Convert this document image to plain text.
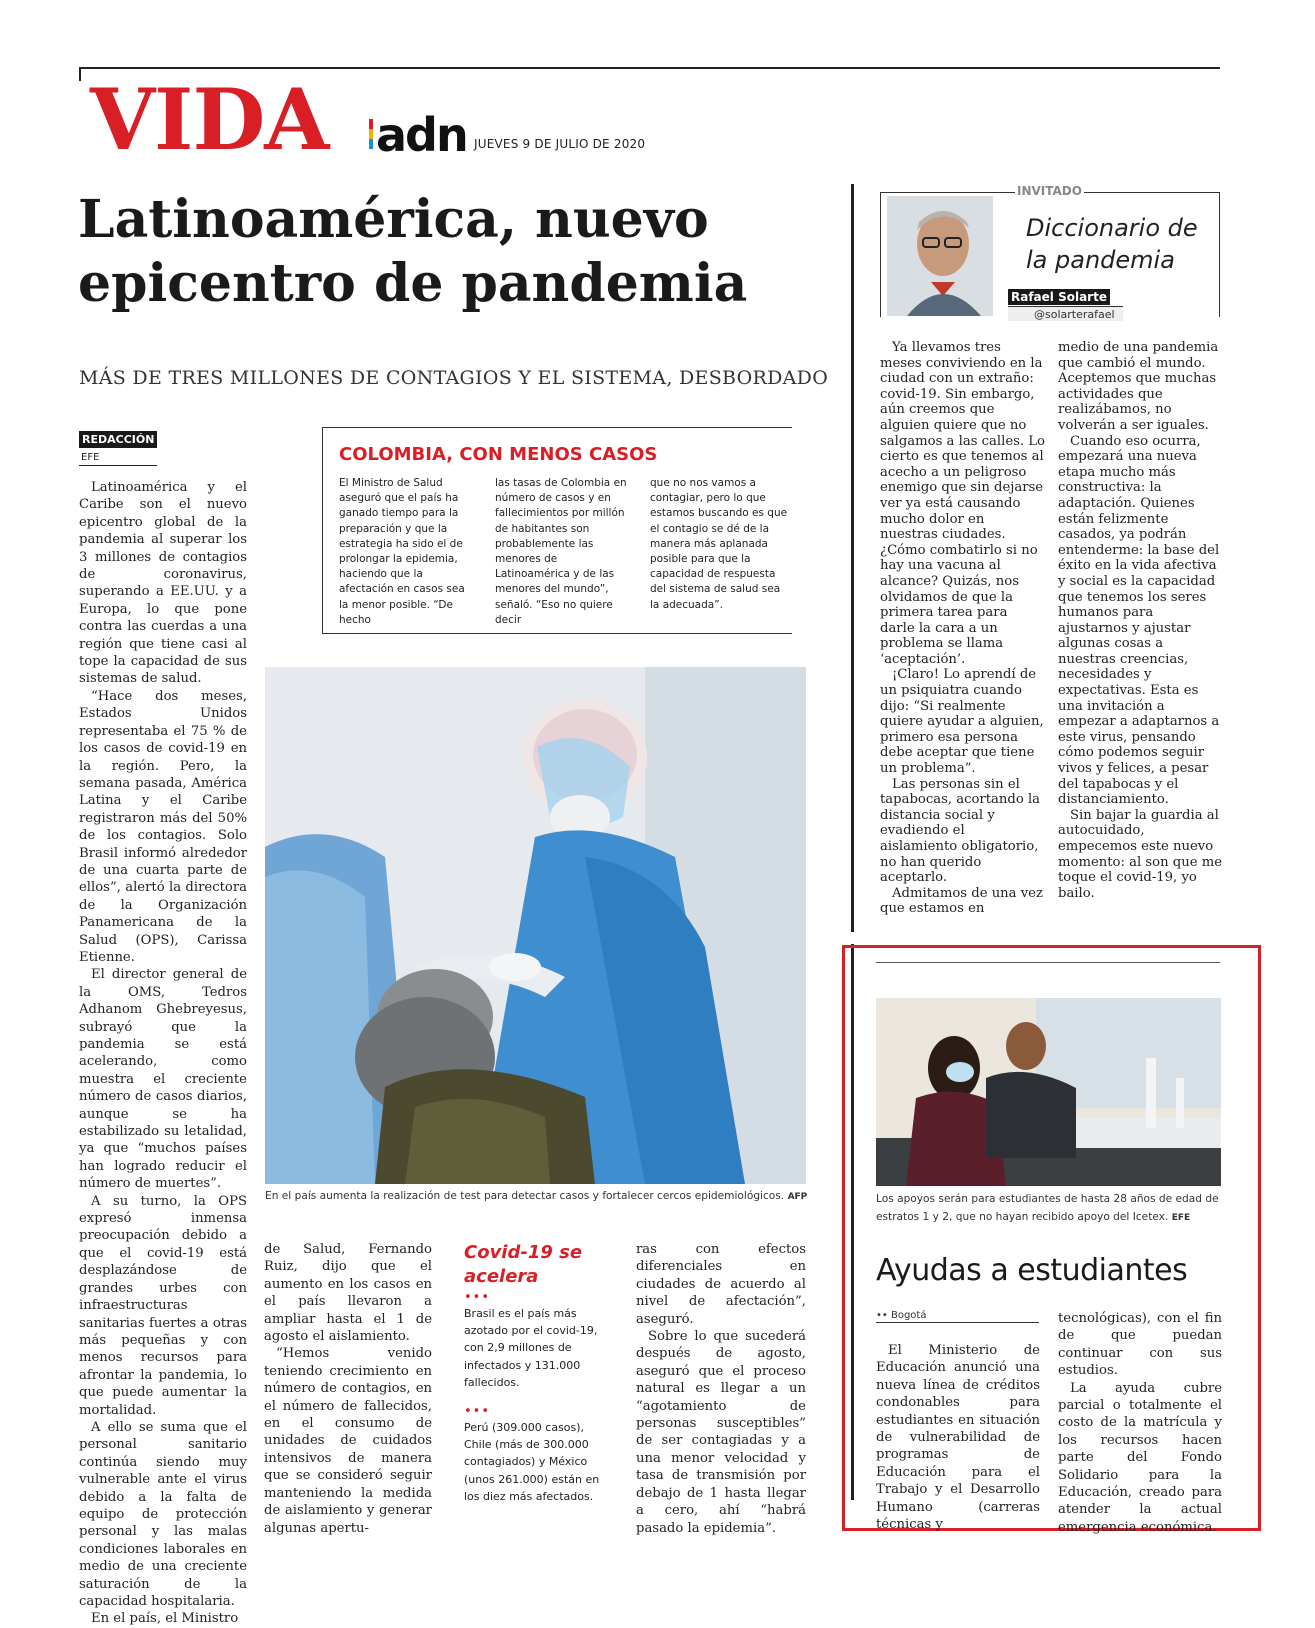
VIDA adn JUEVES 9 DE JULIO DE 2020
Latinoamérica, nuevo epicentro de pandemia
MÁS DE TRES MILLONES DE CONTAGIOS Y EL SISTEMA, DESBORDADO
REDACCIÓN
EFE

Latinoamérica y el Caribe son el nuevo epicentro global de la pandemia al superar los 3 millones de contagios de coronavirus, superando a EE.UU. y a Europa, lo que pone contra las cuerdas a una región que tiene casi al tope la capacidad de sus sistemas de salud.

“Hace dos meses, Estados Unidos representaba el 75 % de los casos de covid-19 en la región. Pero, la semana pasada, América Latina y el Caribe registraron más del 50% de los contagios. Solo Brasil informó alrededor de una cuarta parte de ellos”, alertó la directora de la Organización Panamericana de la Salud (OPS), Carissa Etienne.

El director general de la OMS, Tedros Adhanom Ghebreyesus, subrayó que la pandemia se está acelerando, como muestra el creciente número de casos diarios, aunque se ha estabilizado su letalidad, ya que “muchos países han logrado reducir el número de muertes”.

A su turno, la OPS expresó inmensa preocupación debido a que el covid-19 está desplazándose de grandes urbes con infraestructuras sanitarias fuertes a otras más pequeñas y con menos recursos para afrontar la pandemia, lo que puede aumentar la mortalidad.

A ello se suma que el personal sanitario continúa siendo muy vulnerable ante el virus debido a la falta de equipo de protección personal y las malas condiciones laborales en medio de una creciente saturación de la capacidad hospitalaria.

En el país, el Ministro

COLOMBIA, CON MENOS CASOS
El Ministro de Salud aseguró que el país ha ganado tiempo para la preparación y que la estrategia ha sido el de prolongar la epidemia, haciendo que la afectación en casos sea la menor posible. “De hecho
las tasas de Colombia en número de casos y en fallecimientos por millón de habitantes son probablemente las menores de Latinoamérica y de las menores del mundo”, señaló. “Eso no quiere decir
que no nos vamos a contagiar, pero lo que estamos buscando es que el contagio se dé de la manera más aplanada posible para que la capacidad de respuesta del sistema de salud sea la adecuada”.
En el país aumenta la realización de test para detectar casos y fortalecer cercos epidemiológicos. AFP

de Salud, Fernando Ruiz, dijo que el aumento en los casos en el país llevaron a ampliar hasta el 1 de agosto el aislamiento.

“Hemos venido teniendo crecimiento en número de contagios, en el número de fallecidos, en el consumo de unidades de cuidados intensivos de manera que se consideró seguir manteniendo la medida de aislamiento y generar algunas apertu-

Covid-19 se acelera
•••
Brasil es el país más azotado por el covid-19, con 2,9 millones de infectados y 131.000 fallecidos.
•••
Perú (309.000 casos), Chile (más de 300.000 contagiados) y México (unos 261.000) están en los diez más afectados.

ras con efectos diferenciales en ciudades de acuerdo al nivel de afectación”, aseguró.

Sobre lo que sucederá después de agosto, aseguró que el proceso natural es llegar a un “agotamiento de personas susceptibles” de ser contagiadas y a una menor velocidad y tasa de transmisión por debajo de 1 hasta llegar a cero, ahí “habrá pasado la epidemia”.

INVITADO
Diccionario de la pandemia
Rafael Solarte
@solarterafael

Ya llevamos tres meses conviviendo en la ciudad con un extraño: covid-19. Sin embargo, aún creemos que alguien quiere que no salgamos a las calles. Lo cierto es que tenemos al acecho a un peligroso enemigo que sin dejarse ver ya está causando mucho dolor en nuestras ciudades. ¿Cómo combatirlo si no hay una vacuna al alcance? Quizás, nos olvidamos de que la primera tarea para darle la cara a un problema se llama ‘aceptación’.

¡Claro! Lo aprendí de un psiquiatra cuando dijo: “Si realmente quiere ayudar a alguien, primero esa persona debe aceptar que tiene un problema”.

Las personas sin el tapabocas, acortando la distancia social y evadiendo el aislamiento obligatorio, no han querido aceptarlo.

Admitamos de una vez que estamos en

medio de una pandemia que cambió el mundo. Aceptemos que muchas actividades que realizábamos, no volverán a ser iguales.

Cuando eso ocurra, empezará una nueva etapa mucho más constructiva: la adaptación. Quienes están felizmente casados, ya podrán entenderme: la base del éxito en la vida afectiva y social es la capacidad que tenemos los seres humanos para ajustarnos y ajustar algunas cosas a nuestras creencias, necesidades y expectativas. Esta es una invitación a empezar a adaptarnos a este virus, pensando cómo podemos seguir vivos y felices, a pesar del tapabocas y el distanciamiento.

Sin bajar la guardia al autocuidado, empecemos este nuevo momento: al son que me toque el covid-19, yo bailo.

Los apoyos serán para estudiantes de hasta 28 años de edad de estratos 1 y 2, que no hayan recibido apoyo del Icetex. EFE
Ayudas a estudiantes
•• Bogotá

El Ministerio de Educación anunció una nueva línea de créditos condonables para estudiantes en situación de vulnerabilidad de programas de Educación para el Trabajo y el Desarrollo Humano (carreras técnicas y

tecnológicas), con el fin de que puedan continuar con sus estudios.

La ayuda cubre parcial o totalmente el costo de la matrícula y los recursos hacen parte del Fondo Solidario para la Educación, creado para atender la actual emergencia económica.
